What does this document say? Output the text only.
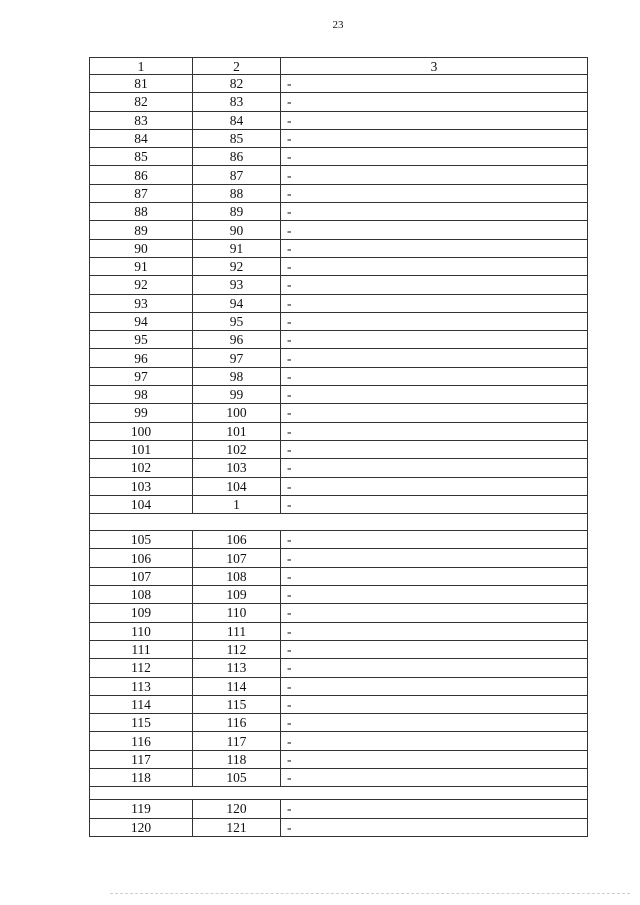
23
1	2	3
81	82	-
82	83	-
83	84	-
84	85	-
85	86	-
86	87	-
87	88	-
88	89	-
89	90	-
90	91	-
91	92	-
92	93	-
93	94	-
94	95	-
95	96	-
96	97	-
97	98	-
98	99	-
99	100	-
100	101	-
101	102	-
102	103	-
103	104	-
104	1	-

105	106	-
106	107	-
107	108	-
108	109	-
109	110	-
110	111	-
111	112	-
112	113	-
113	114	-
114	115	-
115	116	-
116	117	-
117	118	-
118	105	-

119	120	-
120	121	-
